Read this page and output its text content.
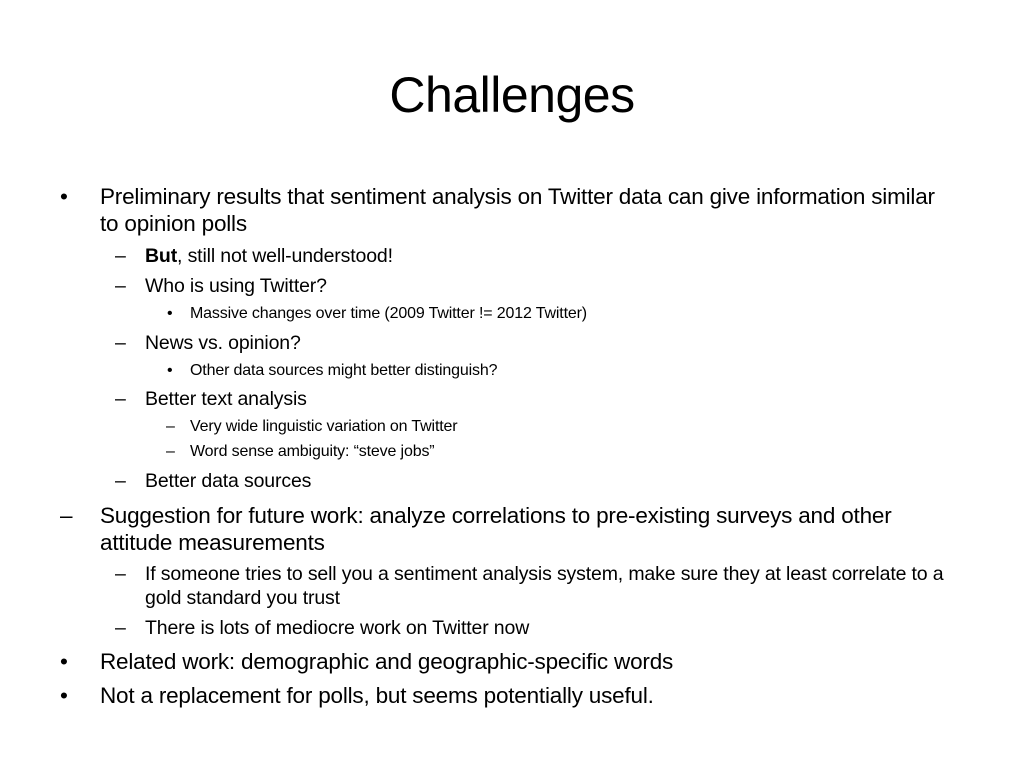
Challenges
• Preliminary results that sentiment analysis on Twitter data can give information similar to opinion polls
– But, still not well-understood!
– Who is using Twitter?
• Massive changes over time (2009 Twitter != 2012 Twitter)
– News vs. opinion?
• Other data sources might better distinguish?
– Better text analysis
– Very wide linguistic variation on Twitter
– Word sense ambiguity: “steve jobs”
– Better data sources
– Suggestion for future work: analyze correlations to pre-existing surveys and other attitude measurements
– If someone tries to sell you a sentiment analysis system, make sure they at least correlate to a gold standard you trust
– There is lots of mediocre work on Twitter now
• Related work: demographic and geographic-specific words
• Not a replacement for polls, but seems potentially useful.
